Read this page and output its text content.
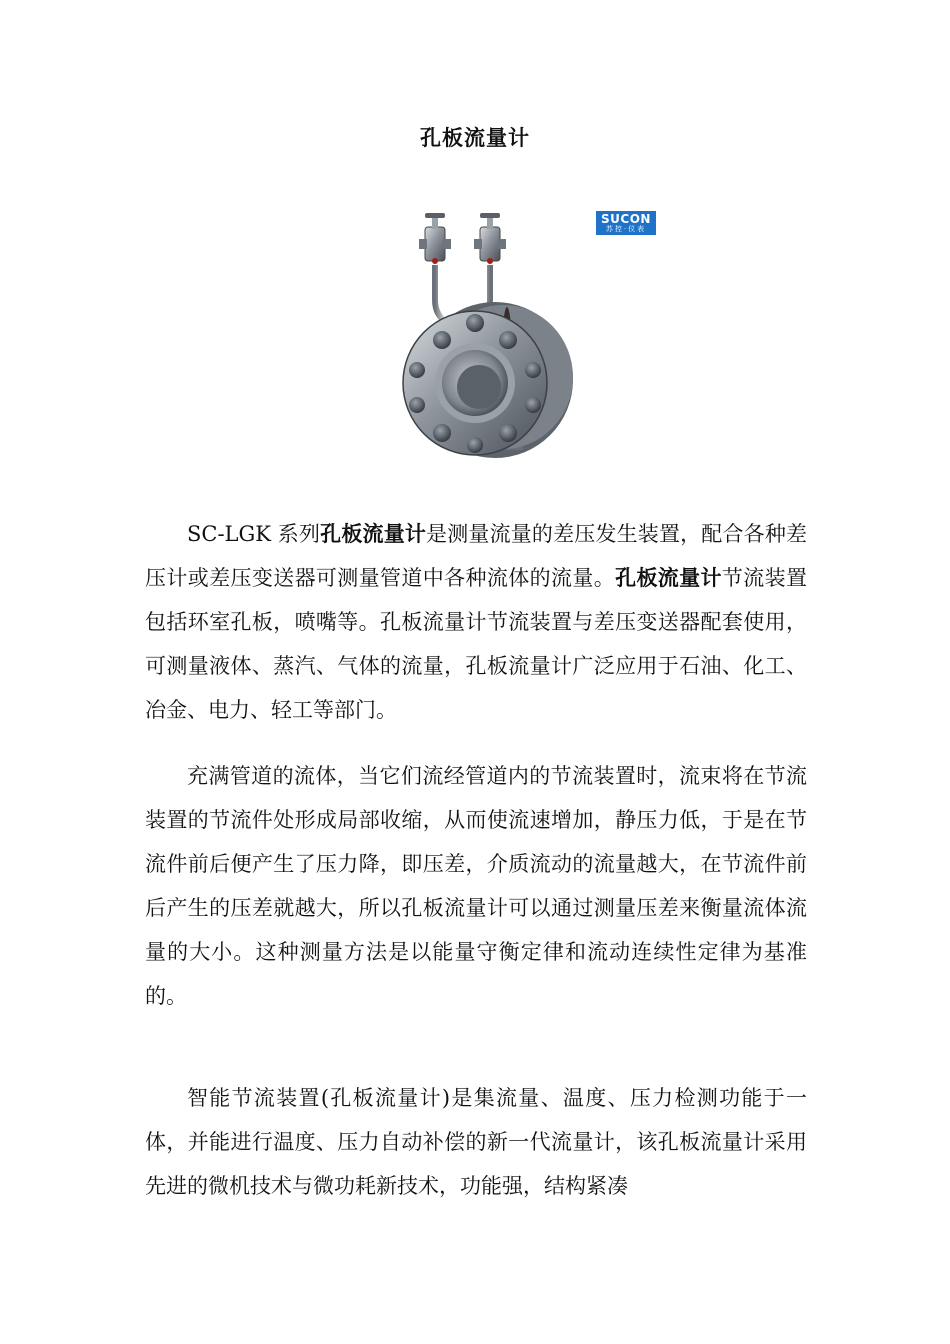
孔板流量计
SUCON
苏控·仪表

SC-LGK 系列孔板流量计是测量流量的差压发生装置，配合各种差压计或差压变送器可测量管道中各种流体的流量。孔板流量计节流装置包括环室孔板，喷嘴等。孔板流量计节流装置与差压变送器配套使用，可测量液体、蒸汽、气体的流量，孔板流量计广泛应用于石油、化工、冶金、电力、轻工等部门。

充满管道的流体，当它们流经管道内的节流装置时，流束将在节流装置的节流件处形成局部收缩，从而使流速增加，静压力低，于是在节流件前后便产生了压力降，即压差，介质流动的流量越大，在节流件前后产生的压差就越大，所以孔板流量计可以通过测量压差来衡量流体流量的大小。这种测量方法是以能量守衡定律和流动连续性定律为基准的。

智能节流装置(孔板流量计)是集流量、温度、压力检测功能于一体，并能进行温度、压力自动补偿的新一代流量计，该孔板流量计采用先进的微机技术与微功耗新技术，功能强，结构紧凑
